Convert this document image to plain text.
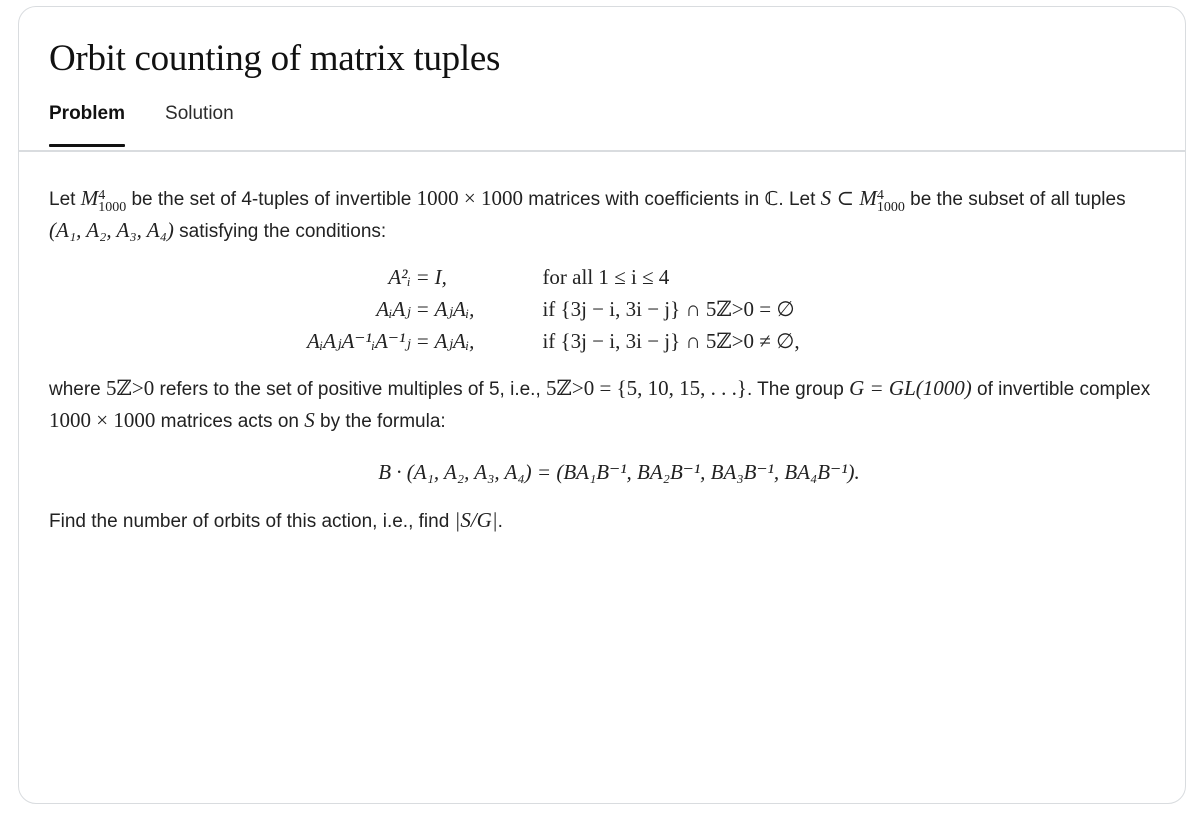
Orbit counting of matrix tuples
Problem Solution

Let M 4
1000 be the set of 4-tuples of invertible 1000 × 1000 matrices with coefficients in ℂ. Let S ⊂ M 4
1000 be the subset of all tuples (A₁, A₂, A₃, A₄) satisfying the conditions:

A²ᵢ	=	I,	for all 1 ≤ i ≤ 4
AᵢAⱼ	=	AⱼAᵢ,	if {3j − i, 3i − j} ∩ 5ℤ>0 = ∅
AᵢAⱼA⁻¹ᵢA⁻¹ⱼ	=	AⱼAᵢ,	if {3j − i, 3i − j} ∩ 5ℤ>0 ≠ ∅,

where 5ℤ>0 refers to the set of positive multiples of 5, i.e., 5ℤ>0 = {5, 10, 15, . . .}. The group G = GL(1000) of invertible complex 1000 × 1000 matrices acts on S by the formula:

B · (A₁, A₂, A₃, A₄) = (BA₁B⁻¹, BA₂B⁻¹, BA₃B⁻¹, BA₄B⁻¹).

Find the number of orbits of this action, i.e., find |S/G|.
